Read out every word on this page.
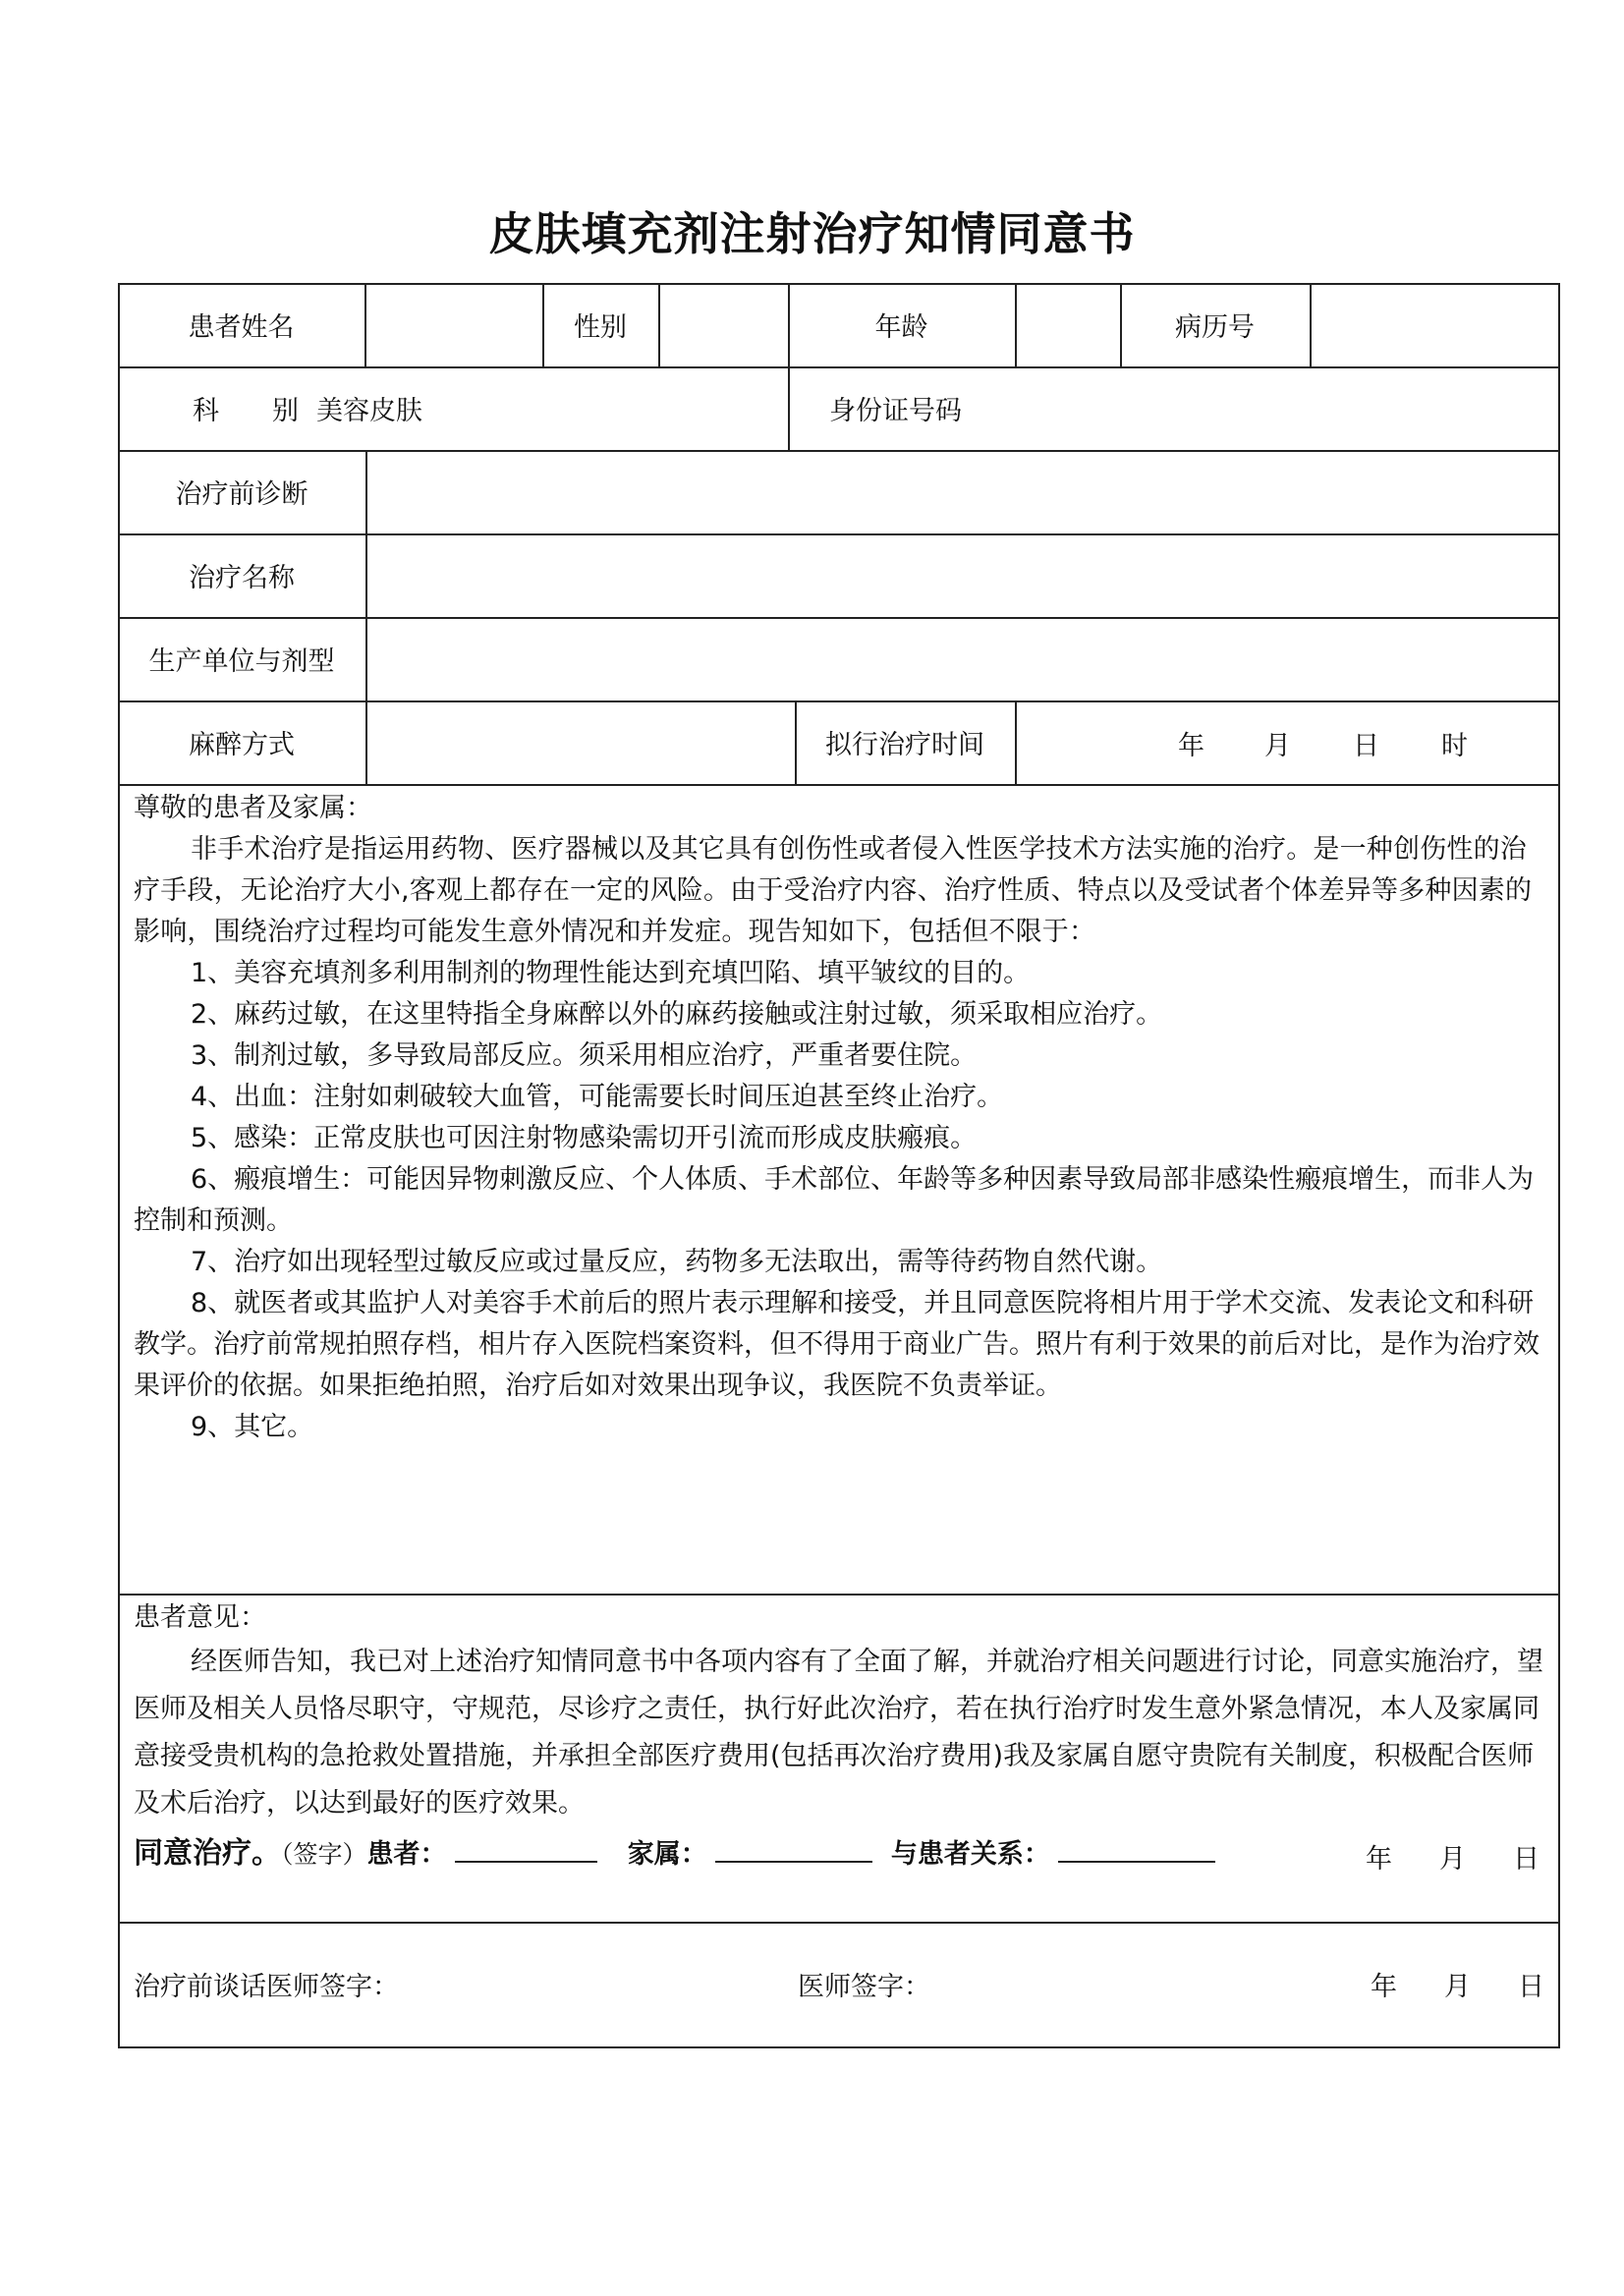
皮肤填充剂注射治疗知情同意书
患者姓名	性别	年龄	病历号
科　　别 美容皮肤	身份证号码
治疗前诊断
治疗名称
生产单位与剂型
麻醉方式	拟行治疗时间	年 月 日 时
尊敬的患者及家属：
非手术治疗是指运用药物、医疗器械以及其它具有创伤性或者侵入性医学技术方法实施的治疗。是一种创伤性的治疗手段，无论治疗大小,客观上都存在一定的风险。由于受治疗内容、治疗性质、特点以及受试者个体差异等多种因素的影响，围绕治疗过程均可能发生意外情况和并发症。现告知如下，包括但不限于：
1、美容充填剂多利用制剂的物理性能达到充填凹陷、填平皱纹的目的。
2、麻药过敏，在这里特指全身麻醉以外的麻药接触或注射过敏，须采取相应治疗。
3、制剂过敏，多导致局部反应。须采用相应治疗，严重者要住院。
4、出血：注射如刺破较大血管，可能需要长时间压迫甚至终止治疗。
5、感染：正常皮肤也可因注射物感染需切开引流而形成皮肤瘢痕。
6、瘢痕增生：可能因异物刺激反应、个人体质、手术部位、年龄等多种因素导致局部非感染性瘢痕增生，而非人为控制和预测。
7、治疗如出现轻型过敏反应或过量反应，药物多无法取出，需等待药物自然代谢。
8、就医者或其监护人对美容手术前后的照片表示理解和接受，并且同意医院将相片用于学术交流、发表论文和科研教学。治疗前常规拍照存档，相片存入医院档案资料，但不得用于商业广告。照片有利于效果的前后对比，是作为治疗效果评价的依据。如果拒绝拍照，治疗后如对效果出现争议，我医院不负责举证。
9、其它。
患者意见：
经医师告知，我已对上述治疗知情同意书中各项内容有了全面了解，并就治疗相关问题进行讨论，同意实施治疗，望医师及相关人员恪尽职守，守规范，尽诊疗之责任，执行好此次治疗，若在执行治疗时发生意外紧急情况，本人及家属同意接受贵机构的急抢救处置措施，并承担全部医疗费用(包括再次治疗费用)我及家属自愿守贵院有关制度，积极配合医师及术后治疗，以达到最好的医疗效果。
同意治疗。（签字）患者：	家属：	与患者关系：	年 月 日
治疗前谈话医师签字：	医师签字：	年 月 日
